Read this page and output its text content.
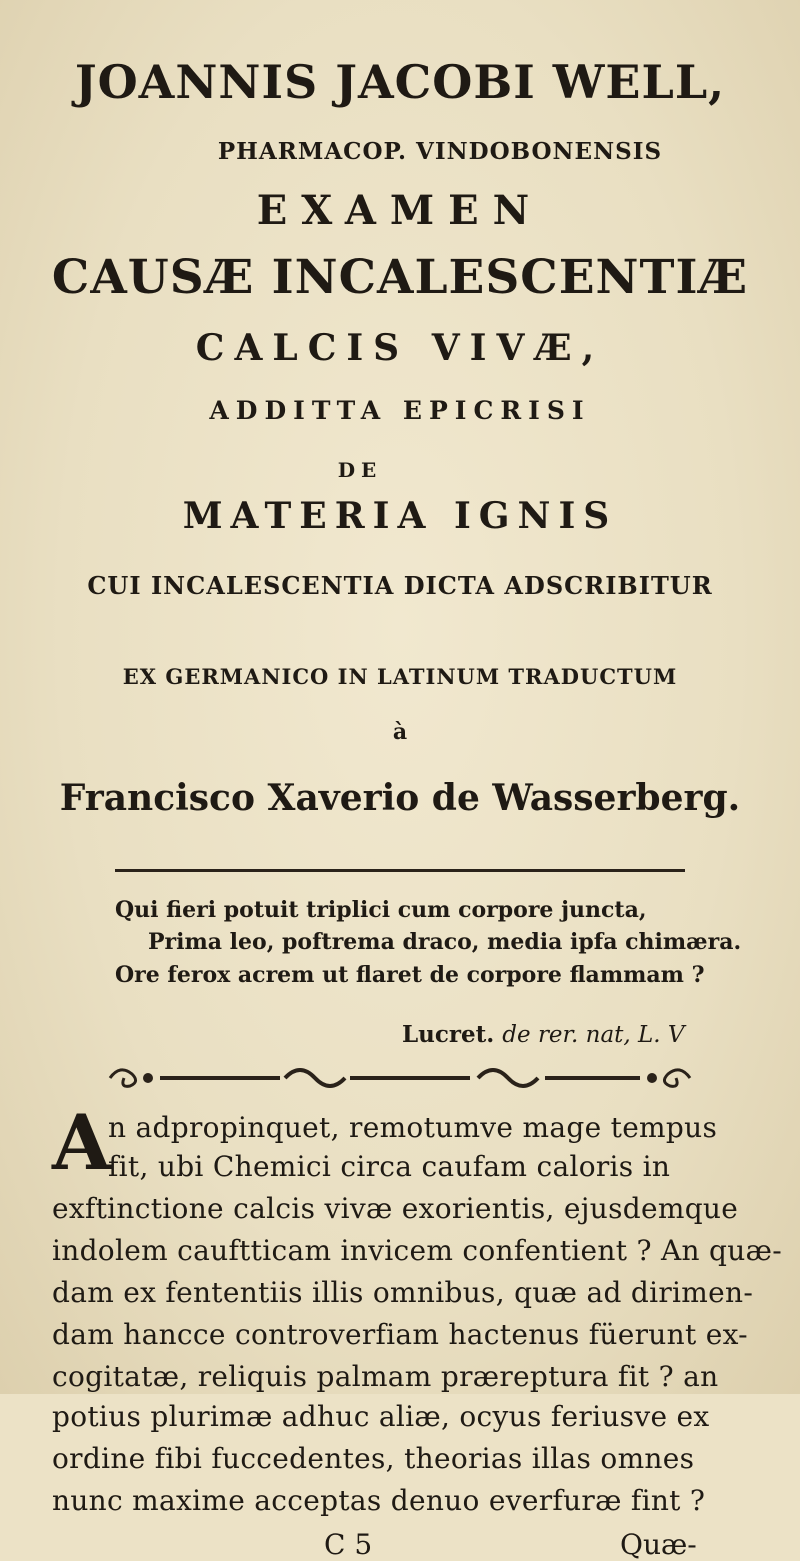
JOANNIS JACOBI WELL,
PHARMACOP. VINDOBONENSIS
EXAMEN
CAUSÆ INCALESCENTIÆ
CALCIS VIVÆ,
ADDITTA EPICRISI
DE
MATERIA IGNIS
CUI INCALESCENTIA DICTA ADSCRIBITUR
EX GERMANICO IN LATINUM TRADUCTUM
à
Francisco Xaverio de Wasserberg.
Qui fieri potuit triplici cum corpore juncta,
Prima leo, poftrema draco, media ipfa chimæra.
Ore ferox acrem ut flaret de corpore flammam ?
Lucret. de rer. nat, L. V
A
n adpropinquet, remotumve mage tempus
fit, ubi Chemici circa caufam caloris in
exftinctione calcis vivæ exorientis, ejusdemque
indolem cauftticam invicem confentient ? An quæ-
dam ex fententiis illis omnibus, quæ ad dirimen-
dam hancce controverfiam hactenus füerunt ex-
cogitatæ, reliquis palmam præreptura fit ? an
potius plurimæ adhuc aliæ, ocyus feriusve ex
ordine fibi fuccedentes, theorias illas omnes
nunc maxime acceptas denuo everfuræ fint ?
C 5	Quæ-
